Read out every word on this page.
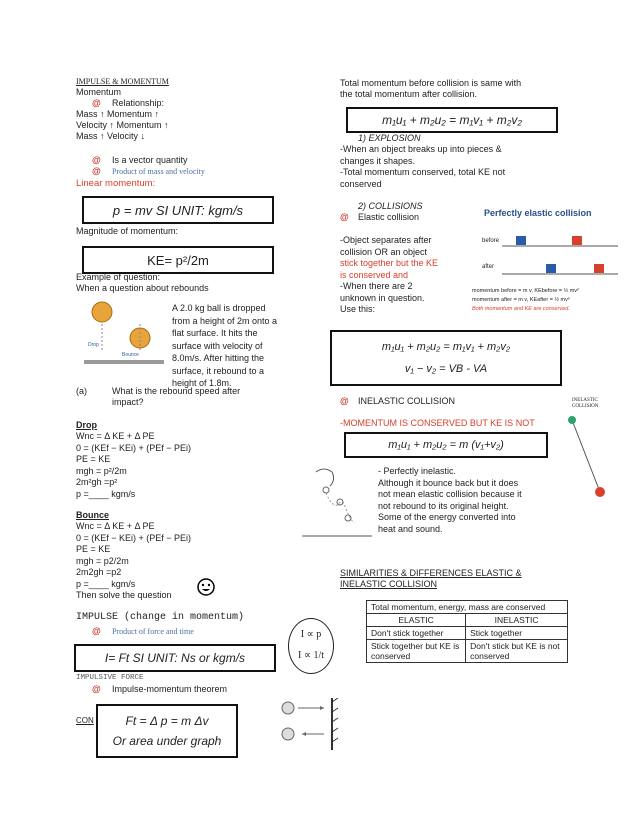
IMPULSE & MOMENTUM
Momentum
@ Relationship:
Mass ↑ Momentum ↑
Velocity ↑ Momentum ↑
Mass ↑ Velocity ↓
@ Is a vector quantity
@ Product of mass and velocity
Linear momentum:
p = mv SI UNIT: kgm/s
Magnitude of momentum:
KE= p²/2m
Example of question:
When a question about rebounds
Drop
Bounce
A 2.0 kg ball is dropped
from a height of 2m onto a
flat surface. It hits the
surface with velocity of
8.0m/s. After hitting the
surface, it rebound to a
height of 1.8m.
(a)	What is the rebound speed after
impact?
Drop
Wnc = Δ KE + Δ PE
0 = (KEf − KEi) + (PEf − PEi)
PE = KE
mgh = p²/2m
2m²gh =p²
p =____ kgm/s
Bounce
Wnc = Δ KE + Δ PE
0 = (KEf − KEi) + (PEf − PEi)
PE = KE
mgh = p2/2m
2m2gh =p2
p =____ kgm/s
Then solve the question
IMPULSE (change in momentum)
@ Product of force and time
I= Ft SI UNIT: Ns or kgm/s
I ∝ p
I ∝ 1/t
IMPULSIVE FORCE
@ Impulse-momentum theorem
CON	Ft = Δ p = m Δv
Or area under graph
Total momentum before collision is same with
the total momentum after collision.
m₁u₁ + m₂u₂ = m₁v₁ + m₂v₂
1) EXPLOSION
-When an object breaks up into pieces &
changes it shapes.
-Total momentum conserved, total KE not
conserved
2) COLLISIONS
@ Elastic collision
-Object separates after
collision OR an object
stick together but the KE
is conserved and
-When there are 2
unknown in question.
Use this:
Perfectly elastic collision
before
after
momentum before = m v, KEbefore = ½ mv²
momentum after = m v, KEafter = ½ mv²
Both momentum and KE are conserved.
m₁u₁ + m₂u₂ = m₁v₁ + m₂v₂
v₁ − v₂ = VB - VA
@ INELASTIC COLLISION	INELASTIC COLLISION
-MOMENTUM IS CONSERVED BUT KE IS NOT
m₁u₁ + m₂u₂ = m (v₁+v₂)
- Perfectly inelastic.
Although it bounce back but it does
not mean elastic collision because it
not rebound to its original height.
Some of the energy converted into
heat and sound.
SIMILARITIES & DIFFERENCES ELASTIC &
INELASTIC COLLISION
Total momentum, energy, mass are conserved	
ELASTIC	INELASTIC
Don't stick together	Stick together
Stick together but KE is conserved	Don't stick but KE is not conserved
